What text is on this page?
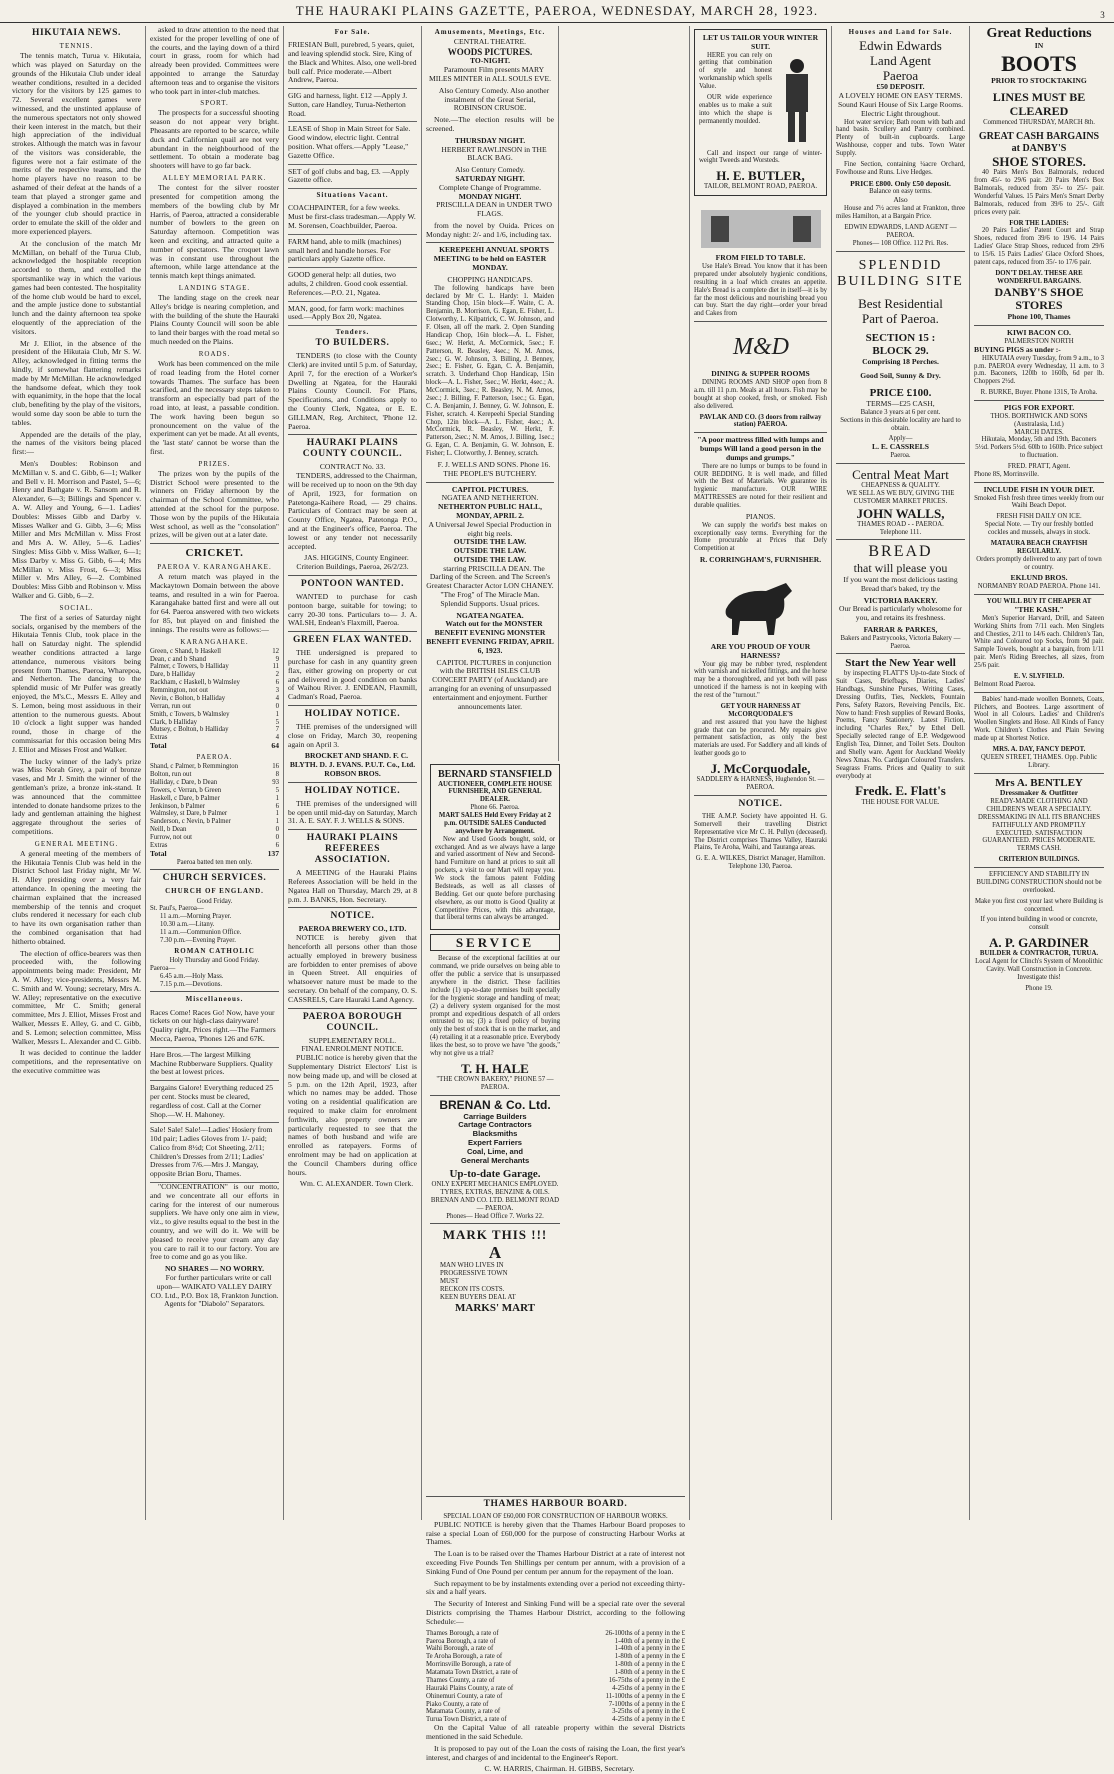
THE HAURAKI PLAINS GAZETTE, PAEROA, WEDNESDAY, MARCH 28, 1923.	3
HIKUTAIA NEWS.
TENNIS.

The tennis match, Turua v. Hikutaia, which was played on Saturday on the grounds of the Hikutaia Club under ideal weather conditions, resulted in a decided victory for the visitors by 125 games to 72. Several excellent games were witnessed, and the unstinted applause of the numerous spectators not only showed their keen interest in the match, but their high appreciation of the individual strokes. Although the match was in favour of the visitors was considerable, the figures were not a fair estimate of the merits of the respective teams, and the home players have no reason to be ashamed of their defeat at the hands of a team that played a stronger game and displayed a combination in the members of the younger club should practice in order to emulate the skill of the older and more experienced players.

At the conclusion of the match Mr McMillan, on behalf of the Turua Club, acknowledged the hospitable reception accorded to them, and extolled the sportsmanlike way in which the various games had been contested. The hospitality of the home club would be hard to excel, and the ample justice done to substantial lunch and the dainty afternoon tea spoke eloquently of the appreciation of the visitors.

Mr J. Elliot, in the absence of the president of the Hikutaia Club, Mr S. W. Alley, acknowledged in fitting terms the kindly, if somewhat flattering remarks made by Mr McMillan. He acknowledged the handsome defeat, which they took with equanimity, in the hope that the local club, benefiting by the play of the visitors, would some day soon be able to turn the tables.

Appended are the details of the play, the names of the visitors being placed first:—

Men's Doubles: Robinson and McMillan v. S. and C. Gibb, 6—1; Walker and Bell v. H. Morrison and Pastel, 5—6; Henry and Bathgate v. R. Sansom and R. Alexander, 6—3; Billings and Spencer v. A. W. Alley and Young, 6—1. Ladies' Doubles: Misses Gibb and Darby v. Misses Walker and G. Gibb, 3—6; Miss Miller and Mrs McMillan v. Miss Frost and Mrs A. W. Alley, 5—6. Ladies' Singles: Miss Gibb v. Miss Walker, 6—1; Miss Darby v. Miss G. Gibb, 6—4; Mrs McMillan v. Miss Frost, 6—3; Miss Miller v. Mrs Alley, 6—2. Combined Doubles: Miss Gibb and Robinson v. Miss Walker and G. Gibb, 6—2.

SOCIAL.

The first of a series of Saturday night socials, organised by the members of the Hikutaia Tennis Club, took place in the hall on Saturday night. The splendid weather conditions attracted a large attendance, numerous visitors being present from Thames, Paeroa, Wharepoa, and Netherton. The dancing to the splendid music of Mr Pulfer was greatly enjoyed, the M's.C., Messrs E. Alley and S. Lemon, being most assiduous in their attention to the numerous guests. About 10 o'clock a light supper was handed round, those in charge of the commissariat for this occasion being Mrs J. Elliot and Misses Frost and Walker.

The lucky winner of the lady's prize was Miss Norah Grey, a pair of bronze vases, and Mr J. Smith the winner of the gentleman's prize, a bronze ink-stand. It was announced that the committee intended to donate handsome prizes to the lady and gentleman attaining the highest aggregate throughout the series of competitions.

GENERAL MEETING.

A general meeting of the members of the Hikutaia Tennis Club was held in the District School last Friday night, Mr W. H. Alley presiding over a very fair attendance. In opening the meeting the chairman explained that the increased membership of the tennis and croquet clubs rendered it necessary for each club to have its own organisation rather than the combined organisation that had hitherto obtained.

The election of office-bearers was then proceeded with, the following appointments being made: President, Mr A. W. Alley; vice-presidents, Messrs M. C. Smith and W. Young; secretary, Mrs A. W. Alley; representative on the executive committee, Mr C. Smith; general committee, Mrs J. Elliot, Misses Frost and Walker, Messrs E. Alley, G. and C. Gibb, and S. Lemon; selection committee, Miss Walker, Messrs L. Alexander and C. Gibb.

It was decided to continue the ladder competitions, and the representative on the executive committee was

asked to draw attention to the need that existed for the proper levelling of one of the courts, and the laying down of a third court in grass, room for which had already been provided. Committees were appointed to arrange the Saturday afternoon teas and to organise the visitors who took part in inter-club matches.

SPORT.

The prospects for a successful shooting season do not appear very bright. Pheasants are reported to be scarce, while duck and Californian quail are not very abundant in the neighbourhood of the settlement. To obtain a moderate bag shooters will have to go far back.

ALLEY MEMORIAL PARK.

The contest for the silver rooster presented for competition among the members of the bowling club by Mr Harris, of Paeroa, attracted a considerable number of bowlers to the green on Saturday afternoon. Competition was keen and exciting, and attracted quite a number of spectators. The croquet lawn was in constant use throughout the afternoon, while large attendance at the tennis match kept things animated.

LANDING STAGE.

The landing stage on the creek near Alley's bridge is nearing completion, and with the building of the shute the Hauraki Plains County Council will soon be able to land their barges with the road metal so much needed on the Plains.

ROADS.

Work has been commenced on the mile of road leading from the Hotel corner towards Thames. The surface has been scarified, and the necessary steps taken to transform an especially bad part of the road into, at least, a passable condition. The work having been begun so pronouncement on the value of the experiment can yet be made. At all events, the 'last state' cannot be worse than the first.

PRIZES.

The prizes won by the pupils of the District School were presented to the winners on Friday afternoon by the chairman of the School Committee, who attended at the school for the purpose. Those won by the pupils of the Hikutaia West school, as well as the "consolation" prizes, will be given out at a later date.

CRICKET.
PAEROA V. KARANGAHAKE.

A return match was played in the Mackaytown Domain between the above teams, and resulted in a win for Paeroa. Karangahake batted first and were all out for 64. Paeroa answered with two wickets for 85, but played on and finished the innings. The results were as follows:—

KARANGAHAKE.
Green, c Shand, b Haskell	12
Dean, c and b Shand	9
Palmer, c Towers, b Halliday	11
Dare, b Halliday	2
Rackham, c Haskell, b Walmsley	6
Remmington, not out	3
Nevin, c Bolton, b Halliday	4
Verran, run out	0
Smith, c Towers, b Walmsley	1
Clark, b Halliday	5
Mutsey, c Bolton, b Halliday	7
Extras	4
Total	64
PAEROA.
Shand, c Palmer, b Remmington	16
Bolton, run out	8
Halliday, c Dare, b Dean	93
Towers, c Verran, b Green	5
Haskell, c Dare, b Palmer	1
Jenkinson, b Palmer	6
Walmsley, st Dare, b Palmer	1
Sanderson, c Nevin, b Palmer	1
Neill, b Dean	0
Furrow, not out	0
Extras	6
Total	137
Paeroa batted ten men only.
CHURCH SERVICES.
CHURCH OF ENGLAND.
Good Friday.
St. Paul's, Paeroa—
11 a.m.—Morning Prayer.
10.30 a.m.—Litany.
11 a.m.—Communion Office.
7.30 p.m.—Evening Prayer.
ROMAN CATHOLIC
Holy Thursday and Good Friday.
Paeroa—
6.45 a.m.—Holy Mass.
7.15 p.m.—Devotions.
Miscellaneous.
Races Come! Races Go! Now, have your tickets on our high-class dairyware! Quality right, Prices right.—The Farmers Mecca, Paeroa, 'Phones 126 and 67K.
Hare Bros.—The largest Milking Machine Rubberware Suppliers. Quality the best at lowest prices.
Bargains Galore! Everything reduced 25 per cent. Stocks must be cleared, regardless of cost. Call at the Corner Shop.—W. H. Mahoney.
Sale! Sale! Sale!—Ladies' Hosiery from 10d pair; Ladies Gloves from 1/- paid; Calico from 8½d; Cot Sheeting, 2/11; Children's Dresses from 2/11; Ladies' Dresses from 7/6.—Mrs J. Mangay, opposite Brian Boru, Thames.

"CONCENTRATION" is our motto, and we concentrate all our efforts in caring for the interest of our numerous suppliers. We have only one aim in view, viz., to give results equal to the best in the country, and we will do it. We will be pleased to receive your cream any day you care to rail it to our factory. You are free to come and go as you like.

NO SHARES — NO WORRY.

For further particulars write or call upon— WAIKATO VALLEY DAIRY CO. Ltd., P.O. Box 18, Frankton Junction. Agents for "Diabolo" Separators.

For Sale.
FRIESIAN Bull, purebred, 5 years, quiet, and leaving splendid stock. Sire, King of the Black and Whites. Also, one well-bred bull calf. Price moderate.—Albert Andrew, Paeroa.
GIG and harness, light. £12 —Apply J. Sutton, care Handley, Turua-Netherton Road.
LEASE of Shop in Main Street for Sale. Good window, electric light. Central position. What offers.—Apply "Lease," Gazette Office.
SET of golf clubs and bag, £3. —Apply Gazette office.
Situations Vacant.
COACHPAINTER, for a few weeks. Must be first-class tradesman.—Apply W. M. Sorensen, Coachbuilder, Paeroa.
FARM hand, able to milk (machines) small herd and handle horses. For particulars apply Gazette office.
GOOD general help: all duties, two adults, 2 children. Good cook essential. References.—P.O. 21, Ngatea.
MAN, good, for farm work: machines used.—Apply Box 20, Ngatea.
Tenders.
TO BUILDERS.

TENDERS (to close with the County Clerk) are invited until 5 p.m. of Saturday, April 7, for the erection of a Worker's Dwelling at Ngatea, for the Hauraki Plains County Council. For Plans, Specifications, and Conditions apply to the County Clerk, Ngatea, or E. E. GILLMAN, Reg. Architect, 'Phone 12. Paeroa.

HAURAKI PLAINS COUNTY COUNCIL.
CONTRACT No. 33.

TENDERS, addressed to the Chairman, will be received up to noon on the 9th day of April, 1923, for formation on Patetonga-Kaihere Road, — 29 chains. Particulars of Contract may be seen at County Office, Ngatea, Patetonga P.O., and at the Engineer's office, Paeroa. The lowest or any tender not necessarily accepted.

JAS. HIGGINS, County Engineer. Criterion Buildings, Paeroa, 26/2/23.

PONTOON WANTED.

WANTED to purchase for cash pontoon barge, suitable for towing; to carry 20-30 tons. Particulars to— J. A. WALSH, Endean's Flaxmill, Paeroa.

GREEN FLAX WANTED.

THE undersigned is prepared to purchase for cash in any quantity green flax, either growing on property or cut and delivered in good condition on banks of Waihou River. J. ENDEAN, Flaxmill, Cadman's Road, Paeroa.

HOLIDAY NOTICE.

THE premises of the undersigned will close on Friday, March 30, reopening again on April 3.

BROCKET AND SHAND. F. C. BLYTH. D. J. EVANS. P.U.T. Co., Ltd. ROBSON BROS.

HOLIDAY NOTICE.

THE premises of the undersigned will be open until mid-day on Saturday, March 31. A. E. SAY. F. J. WELLS & SONS.

HAURAKI PLAINS REFEREES ASSOCIATION.

A MEETING of the Hauraki Plains Referees Association will be held in the Ngatea Hall on Thursday, March 29, at 8 p.m. J. BANKS, Hon. Secretary.

NOTICE.
PAEROA BREWERY CO., LTD.

NOTICE is hereby given that henceforth all persons other than those actually employed in brewery business are forbidden to enter premises of above in Queen Street. All enquiries of whatsoever nature must be made to the secretary. On behalf of the company, O. S. CASSRELS, Care Hauraki Land Agency.

PAEROA BOROUGH COUNCIL.
SUPPLEMENTARY ROLL.
FINAL ENROLMENT NOTICE.

PUBLIC notice is hereby given that the Supplementary District Electors' List is now being made up, and will be closed at 5 p.m. on the 12th April, 1923, after which no names may be added. Those voting on a residential qualification are required to make claim for enrolment forthwith, also property owners are particularly requested to see that the names of both husband and wife are enrolled as ratepayers. Forms of enrolment may be had on application at the Council Chambers during office hours.

Wm. C. ALEXANDER. Town Clerk.

Amusements, Meetings, Etc.
CENTRAL THEATRE.
WOODS PICTURES.
TO-NIGHT.

Paramount Film presents MARY MILES MINTER in ALL SOULS EVE.

Also Century Comedy. Also another instalment of the Great Serial, ROBINSON CRUSOE.

Note.—The election results will be screened.

THURSDAY NIGHT.

HERBERT RAWLINSON in THE BLACK BAG.

Also Century Comedy.
SATURDAY NIGHT.
Complete Change of Programme.
MONDAY NIGHT.

PRISCILLA DEAN in UNDER TWO FLAGS.

from the novel by Ouida. Prices on Monday night: 2/- and 1/6, including tax.

KEREPEEHI ANNUAL SPORTS MEETING to be held on EASTER MONDAY.

CHOPPING HANDICAPS.

The following handicaps have been declared by Mr C. L. Hardy: 1. Maiden Standing Chop, 15in block—F. Waite, C. A. Benjamin, B. Morrison, G. Egan, E. Fisher, L. Clotworthy, L. Kilpatrick, C. W. Johnson, and F. Olsen, all off the mark. 2. Open Standing Handicap Chop, 16in block—A. L. Fisher, 6sec.; W. Herkt, A. McCormick, 5sec.; F. Patterson, R. Beasley, 4sec.; N. M. Amos, 2sec.; G. W. Johnson, 3. Billing, J. Benney, 2sec.; E. Fisher, G. Egan, C. A. Benjamin, scratch. 3. Underhand Chop Handicap, 15in block—A. L. Fisher, 5sec.; W. Herkt, 4sec.; A. McCormick, 3sec.; R. Beasley, N. M. Amos, 2sec.; J. Billing, F. Patterson, 1sec.; G. Egan, C. A. Benjamin, J. Benney, G. W. Johnson, E. Fisher, scratch. 4. Kerepeehi Special Standing Chop, 12in block—A. L. Fisher, 4sec.; A. McCormick, R. Beasley, W. Herkt, F. Patterson, 2sec.; N. M. Amos, J. Billing, 1sec.; G. Egan, C. A. Benjamin, G. W. Johnson, E. Fisher; L. Clotworthy, J. Benney, scratch.

F. J. WELLS AND SONS. Phone 16. THE PEOPLE'S BUTCHERY.

CAPITOL PICTURES.
NGATEA AND NETHERTON.
NETHERTON PUBLIC HALL, MONDAY, APRIL 2.
A Universal Jewel Special Production in eight big reels.
OUTSIDE THE LAW.
OUTSIDE THE LAW.
OUTSIDE THE LAW.

starring PRISCILLA DEAN. The Darling of the Screen. and The Screen's Greatest Character Actor LON CHANEY. "The Frog" of The Miracle Man. Splendid Supports. Usual prices.

NGATEA NGATEA.

Watch out for the MONSTER BENEFIT EVENING MONSTER BENEFIT EVENING FRIDAY, APRIL 6, 1923.

CAPITOL PICTURES in conjunction with the BRITISH ISLES CLUB CONCERT PARTY (of Auckland) are arranging for an evening of unsurpassed entertainment and enjoyment. Further announcements later.

BERNARD STANSFIELD
AUCTIONEER, COMPLETE HOUSE FURNISHER, AND GENERAL DEALER.
Phone 66. Paeroa.
MART SALES Held Every Friday at 2 p.m. OUTSIDE SALES Conducted anywhere by Arrangement.

New and Used Goods bought, sold, or exchanged. And as we always have a large and varied assortment of New and Second-hand Furniture on hand at prices to suit all pockets, a visit to our Mart will repay you. We stock the famous patent Folding Bedsteads, as well as all classes of Bedding. Get our quote before purchasing elsewhere, as our motto is Good Quality at Competitive Prices, with this advantage, that liberal terms can always be arranged.

SERVICE

Because of the exceptional facilities at our command, we pride ourselves on being able to offer the public a service that is unsurpassed anywhere in the district. These facilities include (1) up-to-date premises built specially for the hygienic storage and handling of meat; (2) a delivery system organised for the most prompt and expeditious despatch of all orders entrusted to us; (3) a fixed policy of buying only the best of stock that is on the market, and (4) retailing it at a reasonable price. Everybody likes the best, so to prove we have "the goods," why not give us a trial?

T. H. HALE
"THE CROWN BAKERY," PHONE 57 — PAEROA.
BRENAN & Co. Ltd.
Carriage Builders
Cartage Contractors
Blacksmiths
Expert Farriers
Coal, Lime, and
General Merchants
Up-to-date Garage.
ONLY EXPERT MECHANICS EMPLOYED.
TYRES, EXTRAS, BENZINE & OILS.
BRENAN AND CO. LTD. BELMONT ROAD — PAEROA.
Phones— Head Office 7. Works 22.
MARK THIS !!!
A
MAN WHO LIVES IN
PROGRESSIVE TOWN
MUST
RECKON ITS COSTS.
KEEN BUYERS DEAL AT
MARKS' MART
THAMES HARBOUR BOARD.
SPECIAL LOAN OF £60,000 FOR CONSTRUCTION OF HARBOUR WORKS.

PUBLIC NOTICE is hereby given that the Thames Harbour Board proposes to raise a special Loan of £60,000 for the purpose of constructing Harbour Works at Thames.

The Loan is to be raised over the Thames Harbour District at a rate of interest not exceeding Five Pounds Ten Shillings per centum per annum, with a provision of a Sinking Fund of One Pound per centum per annum for the repayment of the loan.

Such repayment to be by instalments extending over a period not exceeding thirty-six and a half years.

The Security of Interest and Sinking Fund will be a special rate over the several Districts comprising the Thames Harbour District, according to the following Schedule:—

Thames Borough, a rate of	26-100ths of a penny in the £
Paeroa Borough, a rate of	1-40th of a penny in the £
Waihi Borough, a rate of	1-40th of a penny in the £
Te Aroha Borough, a rate of	1-80th of a penny in the £
Morrinsville Borough, a rate of	1-80th of a penny in the £
Matamata Town District, a rate of	1-80th of a penny in the £
Thames County, a rate of	16-75ths of a penny in the £
Hauraki Plains County, a rate of	4-25ths of a penny in the £
Ohinemuri County, a rate of	11-100ths of a penny in the £
Piako County, a rate of	7-100ths of a penny in the £
Matamata County, a rate of	3-25ths of a penny in the £
Turua Town District, a rate of	4-25ths of a penny in the £

On the Capital Value of all rateable property within the several Districts mentioned in the said Schedule.

It is proposed to pay out of the Loan the costs of raising the Loan, the first year's interest, and charges of and incidental to the Engineer's Report.

C. W. HARRIS, Chairman. H. GIBBS, Secretary.

LET US TAILOR YOUR WINTER SUIT.

HERE you can rely on getting that combination of style and honest workmanship which spells Value.

OUR wide experience enables us to make a suit into which the shape is permanently moulded.

Call and inspect our range of winter-weight Tweeds and Worsteds.

H. E. BUTLER,
TAILOR, BELMONT ROAD, PAEROA.
FROM FIELD TO TABLE.

Use Hale's Bread. You know that it has been prepared under absolutely hygienic conditions, resulting in a loaf which creates an appetite. Hale's Bread is a complete diet in itself—it is by far the most delicious and nourishing bread you can buy. Start the day right—order your bread and Cakes from

M&D
DINING & SUPPER ROOMS

DINING ROOMS AND SHOP open from 8 a.m. till 11 p.m. Meals at all hours. Fish may be bought at shop cooked, fresh, or smoked. Fish also delivered.

PAVLAK AND CO. (3 doors from railway station) PAEROA.
"A poor mattress filled with lumps and bumps Will land a good person in the dumps and grumps."

There are no lumps or bumps to be found in OUR BEDDING. It is well made, and filled with the Best of Materials. We guarantee its hygienic manufacture. OUR WIRE MATTRESSES are noted for their resilient and durable qualities.

PIANOS.

We can supply the world's best makes on exceptionally easy terms. Everything for the Home procurable at Prices that Defy Competition at

R. CORRINGHAM'S, FURNISHER.
ARE YOU PROUD OF YOUR HARNESS?

Your gig may be rubber tyred, resplendent with varnish and nickelled fittings, and the horse may be a thoroughbred, and yet both will pass unnoticed if the harness is not in keeping with the rest of the "turnout."

GET YOUR HARNESS AT McCORQUODALE'S

and rest assured that you have the highest grade that can be procured. My repairs give permanent satisfaction, as only the best materials are used. For Saddlery and all kinds of leather goods go to

J. McCorquodale,
SADDLERY & HARNESS, Hughendon St. — PAEROA.
NOTICE.

THE A.M.P. Society have appointed H. G. Somervell their travelling District Representative vice Mr C. H. Pullyn (deceased). The District comprises Thames Valley, Hauraki Plains, Te Aroha, Waihi, and Tauranga areas.

G. E. A. WILKES, District Manager, Hamilton.
Telephone 130, Paeroa.
Houses and Land for Sale.
Edwin Edwards
Land Agent
Paeroa
£50 DEPOSIT.
A LOVELY HOME ON EASY TERMS.
Sound Kauri House of Six Large Rooms.
Electric Light throughout.

Hot water service; Bath room with bath and hand basin. Scullery and Pantry combined. Plenty of built-in cupboards. Large Washhouse, copper and tubs. Town Water Supply.

Fine Section, containing ¼acre Orchard, Fowlhouse and Runs. Live Hedges.

PRICE £800. Only £50 deposit.
Balance on easy terms.
Also

House and 7½ acres land at Frankton, three miles Hamilton, at a Bargain Price.

EDWIN EDWARDS, LAND AGENT — PAEROA.
Phones— 108 Office. 112 Pri. Res.
SPLENDID
BUILDING SITE
Best Residential
Part of Paeroa.
SECTION 15 :
BLOCK 29.
Comprising 18 Perches.
Good Soil, Sunny & Dry.
PRICE £100.
TERMS—£25 CASH,
Balance 3 years at 6 per cent.

Sections in this desirable locality are hard to obtain.

Apply—
L. E. CASSRELS
Paeroa.
Central Meat Mart
CHEAPNESS & QUALITY.
WE SELL AS WE BUY, GIVING THE CUSTOMER MARKET PRICES.
JOHN WALLS,
THAMES ROAD - - PAEROA.
Telephone 111.
BREAD
that will please you

If you want the most delicious tasting Bread that's baked, try the

VICTORIA BAKERY.

Our Bread is particularly wholesome for you, and retains its freshness.

FARRAR & PARKES,
Bakers and Pastrycooks, Victoria Bakery — Paeroa.
Start the New Year well

by inspecting FLATT'S Up-to-date Stock of Suit Cases, Briefbags, Diaries, Ladies' Handbags, Sunshine Purses, Writing Cases, Dressing Outfits, Ties, Necklets, Fountain Pens, Safety Razors, Reveiving Pencils, Etc. Now to hand: Fresh supplies of Reward Books, Poems, Fancy Stationery. Latest Fiction, including "Charles Rex," by Ethel Dell. Specially selected range of E.P. Wedgewood English Tea, Dinner, and Toilet Sets. Doulton and Shelly ware. Agent for Auckland Weekly News Xmas. No. Cardigan Coloured Transfers. Seagrass Frams. Prices and Quality to suit everybody at

Fredk. E. Flatt's
THE HOUSE FOR VALUE.
Great Reductions
IN
BOOTS
PRIOR TO STOCKTAKING
LINES MUST BE CLEARED
Commenced THURSDAY, MARCH 8th.
GREAT CASH BARGAINS at DANBY'S
SHOE STORES.

40 Pairs Men's Box Balmorals, reduced from 45/- to 29/6 pair. 20 Pairs Men's Box Balmorals, reduced from 35/- to 25/- pair. Wonderful Values. 15 Pairs Men's Smart Derby Balmorals, reduced from 39/6 to 25/-. Gift prices every pair.

FOR THE LADIES:

20 Pairs Ladies' Patent Court and Strap Shoes, reduced from 39/6 to 19/6. 14 Pairs Ladies' Glace Strap Shoes, reduced from 29/6 to 15/6. 15 Pairs Ladies' Glace Oxford Shoes, patent caps, reduced from 35/- to 17/6 pair.

DON'T DELAY. THESE ARE WONDERFUL BARGAINS.
DANBY'S SHOE STORES
Phone 100, Thames
KIWI BACON CO.
PALMERSTON NORTH
BUYING PIGS as under :-

HIKUTAIA every Tuesday, from 9 a.m., to 3 p.m. PAEROA every Wednesday, 11 a.m. to 3 p.m. Baconers, 120lb to 160lb, 6d per lb. Choppers 2½d.

R. BURKE, Buyer. Phone 131S, Te Aroha.
PIGS FOR EXPORT.
THOS. BORTHWICK AND SONS (Australasia, Ltd.)
MARCH DATES.

Hikutaia, Monday, 5th and 19th. Baconers 5½d. Porkers 5½d. 60lb to 160lb. Price subject to fluctuation.

FRED. PRATT, Agent.
Phone 8S, Morrinsville.
INCLUDE FISH IN YOUR DIET.

Smoked Fish fresh three times weekly from our Waihi Beach Depot.

FRESH FISH DAILY ON ICE.

Special Note. — Try our freshly bottled cockles and mussels, always in stock.

MATAURA BEACH CRAYFISH REGULARLY.

Orders promptly delivered to any part of town or country.

EKLUND BROS.
NORMANBY ROAD PAEROA. Phone 141.
YOU WILL BUY IT CHEAPER AT
"THE KASH."

Men's Superior Harvard, Drill, and Sateen Working Shirts from 7/11 each. Men Singlets and Chesties, 2/11 to 14/6 each. Children's Tan, White and Coloured top Socks, from 9d pair. Sample Towels, bought at a bargain, from 1/11 pair. Men's Riding Breeches, all sizes, from 25/6 pair.

E. V. SLYFIELD.
Belmont Road Paeroa.

Babies' hand-made woollen Bonnets, Coats, Pilchers, and Bootees. Large assortment of Wool in all Colours. Ladies' and Children's Woollen Singlets and Hose. All Kinds of Fancy Work. Children's Clothes and Plain Sewing made up at Shortest Notice.

MRS. A. DAY, FANCY DEPOT.
QUEEN STREET, THAMES. Opp. Public Library.
Mrs A. BENTLEY
Dressmaker & Outfitter

READY-MADE CLOTHING AND CHILDREN'S WEAR A SPECIALTY. DRESSMAKING IN ALL ITS BRANCHES FAITHFULLY AND PROMPTLY EXECUTED. SATISFACTION GUARANTEED. PRICES MODERATE. TERMS CASH.

CRITERION BUILDINGS.

EFFICIENCY AND STABILITY IN BUILDING CONSTRUCTION should not be overlooked.

Make you first cost your last where Building is concerned.

If you intend building in wood or concrete, consult

A. P. GARDINER
BUILDER & CONTRACTOR, TURUA.

Local Agent for Clinch's System of Monolithic Cavity. Wall Construction in Concrete. Investigate this!

Phone 19.
